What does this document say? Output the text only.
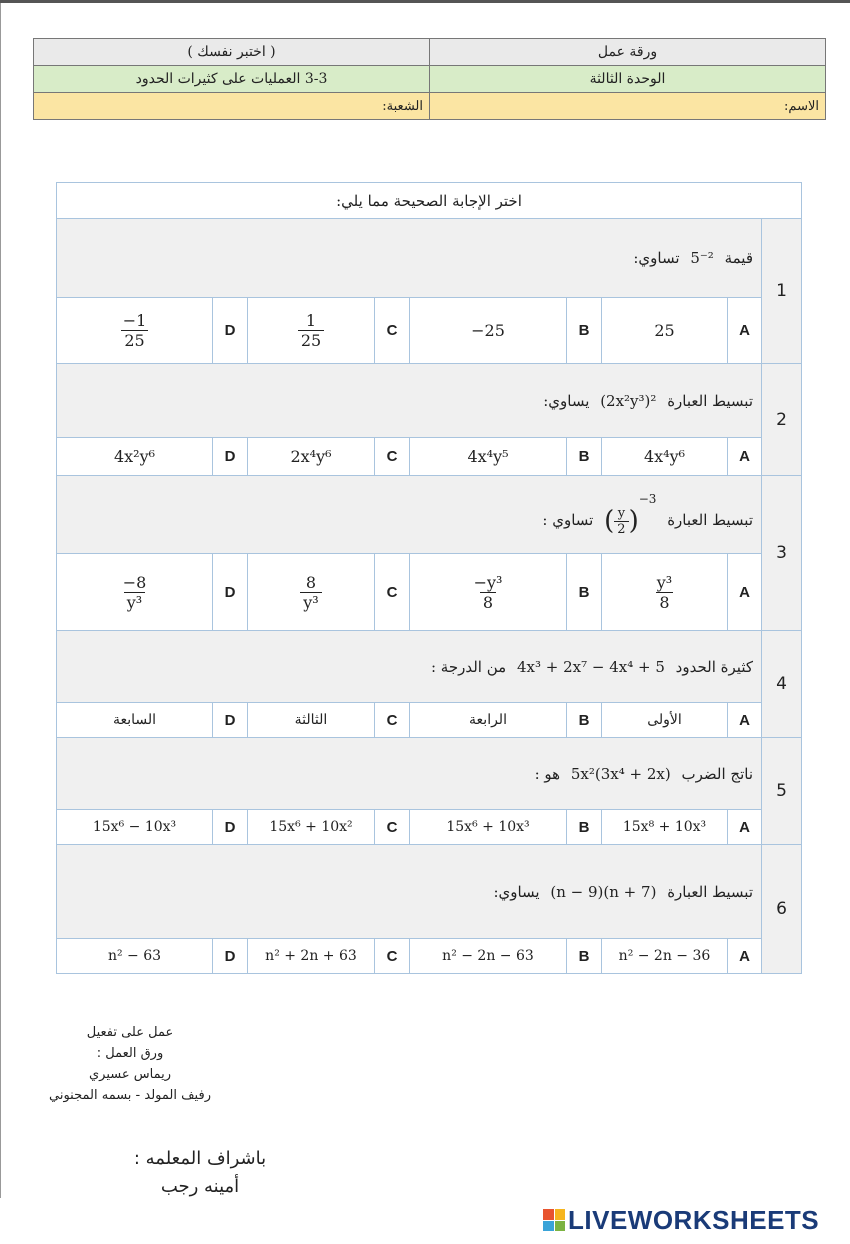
ورقة عمل	( اختبر نفسك )
الوحدة الثالثة	3-3 العمليات على كثيرات الحدود
الاسم:	الشعبة:
اختر الإجابة الصحيحة مما يلي:								
1	قيمة 5⁻² تساوي:							
	A	25	B	−25	C	$\frac{1}{25}$	D	$\frac{-1}{25}$

2	تبسيط العبارة (2x²y³)² يساوي:							
	A	4x⁴y⁶	B	4x⁴y⁵	C	2x⁴y⁶	D	4x²y⁶
3	تبسيط العبارة ( $\frac{y}{2} )^{-3}$ تساوي :							
	A	$\frac{\text{y³}}{8}$	B	$\frac{\text{−y³}}{8}$	C	$\frac{8}{\text{y³}}$	D	$\frac{-8}{\text{y³}}$

4	كثيرة الحدود 4x³ + 2x⁷ − 4x⁴ + 5 من الدرجة :							
	A	الأولى	B	الرابعة	C	الثالثة	D	السابعة
5	ناتج الضرب 5x²(3x⁴ + 2x) هو :							
	A	15x⁸ + 10x³	B	15x⁶ + 10x³	C	15x⁶ + 10x²	D	15x⁶ − 10x³
6	تبسيط العبارة (n − 9)(n + 7) يساوي:							
	A	n² − 2n − 36	B	n² − 2n − 63	C	n² + 2n + 63	D	n² − 63
عمل على تفعيل
ورق العمل :
ريماس عسيري
رفيف المولد - بسمه المجنوني
باشراف المعلمه :
أمينه رجب
LIVEWORKSHEETS
